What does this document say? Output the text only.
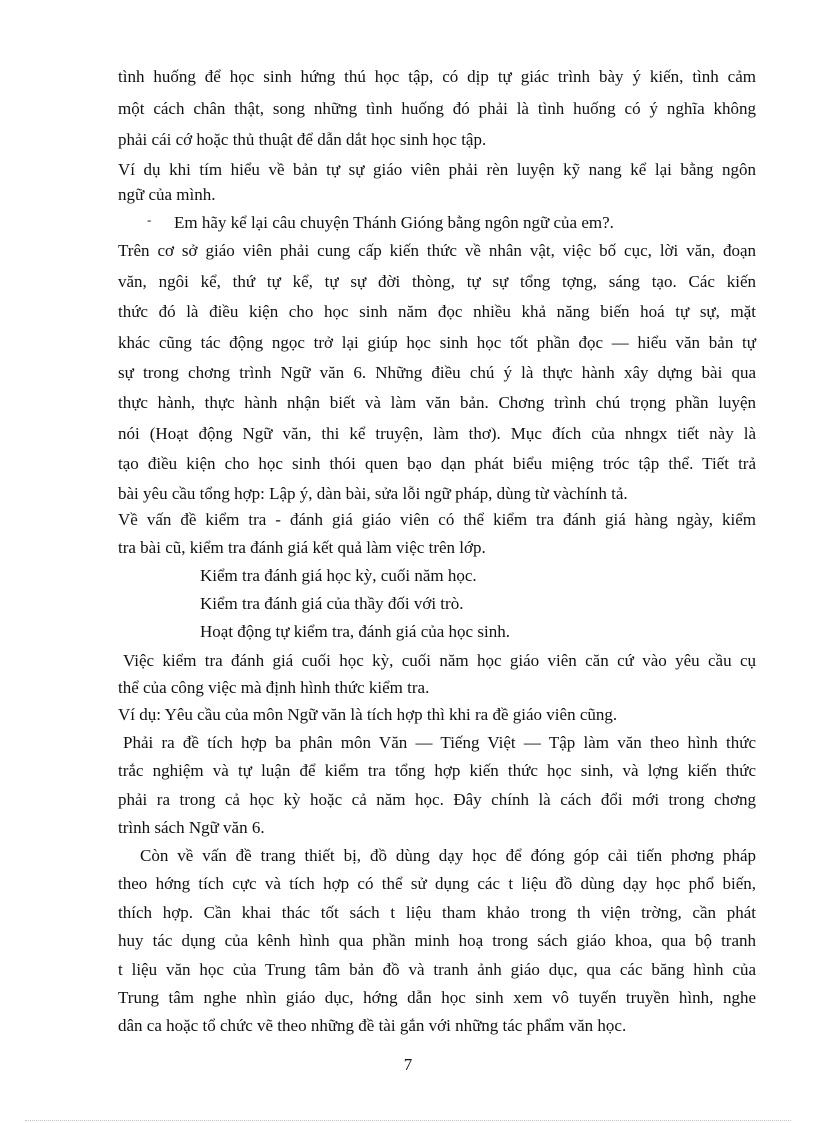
tình huống để học sinh hứng thú học tập, có dịp tự giác trình bày ý kiến, tình cảm
một cách chân thật, song những tình huống đó phải là tình huống có ý nghĩa không
phải cái cớ hoặc thủ thuật để dẫn dắt học sinh học tập.
Ví dụ khi tím hiểu về bản tự sự giáo viên phải rèn luyện kỹ nang kể lại bằng ngôn
ngữ của mình.
- Em hãy kể lại câu chuyện Thánh Gióng bằng ngôn ngữ của em?.
Trên cơ sở giáo viên phải cung cấp kiến thức về nhân vật, việc bố cục, lời văn, đoạn
văn, ngôi kể, thứ tự kể, tự sự đời thòng, tự sự tổng tợng, sáng tạo. Các kiến
thức đó là điều kiện cho học sinh năm đọc nhiều khả năng biến hoá tự sự, mặt
khác cũng tác động ngọc trở lại giúp học sinh học tốt phần đọc — hiểu văn bản tự
sự trong chơng trình Ngữ văn 6. Những điều chú ý là thực hành xây dựng bài qua
thực hành, thực hành nhận biết và làm văn bản. Chơng trình chú trọng phần luyện
nói (Hoạt động Ngữ văn, thi kể truyện, làm thơ). Mục đích của nhngx tiết này là
tạo điều kiện cho học sinh thói quen bạo dạn phát biểu miệng tróc tập thể. Tiết trả
bài yêu cầu tổng hợp: Lập ý, dàn bài, sửa lỗi ngữ pháp, dùng từ vàchính tả.
Về vấn đề kiểm tra - đánh giá giáo viên có thể kiểm tra đánh giá hàng ngày, kiểm
tra bài cũ, kiểm tra đánh giá kết quả làm việc trên lớp.
Kiểm tra đánh giá học kỳ, cuối năm học.
Kiểm tra đánh giá của thầy đối với trò.
Hoạt động tự kiểm tra, đánh giá của học sinh.
Việc kiểm tra đánh giá cuối học kỳ, cuối năm học giáo viên căn cứ vào yêu cầu cụ
thể của công việc mà định hình thức kiểm tra.
Ví dụ: Yêu cầu của môn Ngữ văn là tích hợp thì khi ra đề giáo viên cũng.
Phải ra đề tích hợp ba phân môn Văn — Tiếng Việt — Tập làm văn theo hình thức
trắc nghiệm và tự luận để kiểm tra tổng hợp kiến thức học sinh, và lợng kiến thức
phải ra trong cả học kỳ hoặc cả năm học. Đây chính là cách đổi mới trong chơng
trình sách Ngữ văn 6.
Còn về vấn đề trang thiết bị, đồ dùng dạy học để đóng góp cải tiến phơng pháp
theo hớng tích cực và tích hợp có thể sử dụng các t liệu đồ dùng dạy học phổ biến,
thích hợp. Cần khai thác tốt sách t liệu tham khảo trong th viện trờng, cần phát
huy tác dụng của kênh hình qua phần minh hoạ trong sách giáo khoa, qua bộ tranh
t liệu văn học của Trung tâm bản đồ và tranh ảnh giáo dục, qua các băng hình của
Trung tâm nghe nhìn giáo dục, hớng dẫn học sinh xem vô tuyến truyền hình, nghe
dân ca hoặc tổ chức vẽ theo những đề tài gắn với những tác phẩm văn học.
7
